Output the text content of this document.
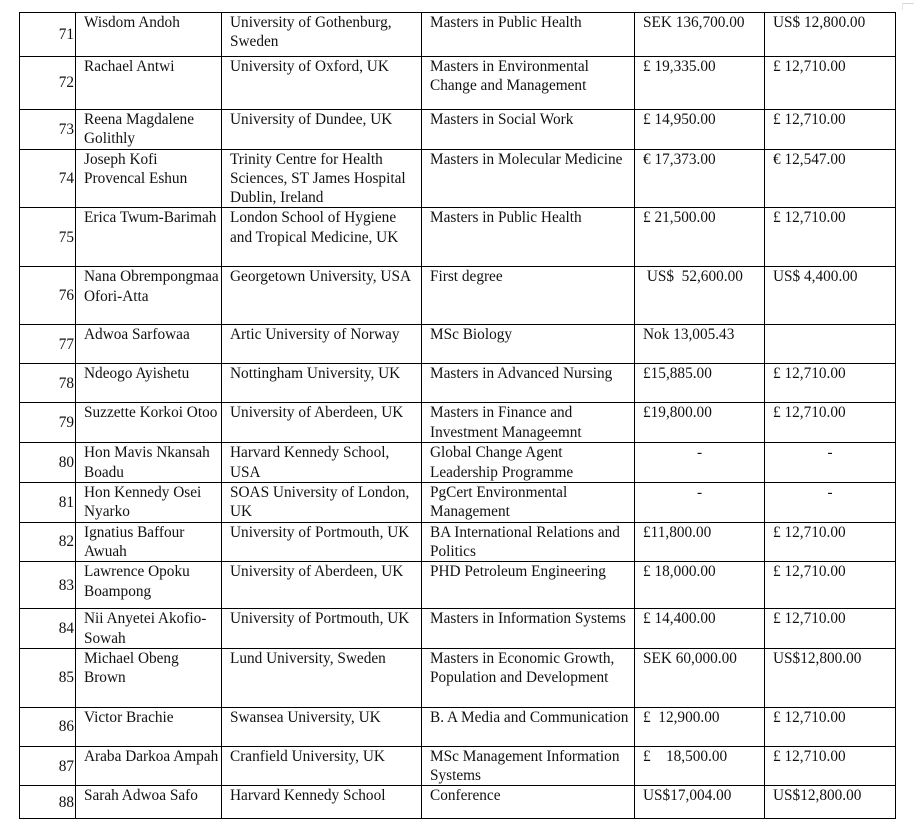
71	Wisdom Andoh	University of Gothenburg, Sweden	Masters in Public Health	SEK 136,700.00	US$ 12,800.00
72	Rachael Antwi	University of Oxford, UK	Masters in Environmental Change and Management	£ 19,335.00	£ 12,710.00
73	Reena Magdalene Golithly	University of Dundee, UK	Masters in Social Work	£ 14,950.00	£ 12,710.00
74	Joseph Kofi Provencal Eshun	Trinity Centre for Health Sciences, ST James Hospital Dublin, Ireland	Masters in Molecular Medicine	€ 17,373.00	€ 12,547.00
75	Erica Twum-Barimah	London School of Hygiene and Tropical Medicine, UK	Masters in Public Health	£ 21,500.00	£ 12,710.00
76	Nana Obrempongmaa Ofori-Atta	Georgetown University, USA	First degree	US$  52,600.00	US$ 4,400.00
77	Adwoa Sarfowaa	Artic University of Norway	MSc Biology	Nok 13,005.43	
78	Ndeogo Ayishetu	Nottingham University, UK	Masters in Advanced Nursing	£15,885.00	£ 12,710.00
79	Suzzette Korkoi Otoo	University of Aberdeen, UK	Masters in Finance and Investment Manageemnt	£19,800.00	£ 12,710.00
80	Hon Mavis Nkansah Boadu	Harvard Kennedy School, USA	Global Change Agent Leadership Programme	-	-
81	Hon Kennedy Osei Nyarko	SOAS University of London, UK	PgCert Environmental Management	-	-
82	Ignatius Baffour Awuah	University of Portmouth, UK	BA International Relations and Politics	£11,800.00	£ 12,710.00
83	Lawrence Opoku Boampong	University of Aberdeen, UK	PHD Petroleum Engineering	£ 18,000.00	£ 12,710.00
84	Nii Anyetei Akofio-Sowah	University of Portmouth, UK	Masters in Information Systems	£ 14,400.00	£ 12,710.00
85	Michael Obeng Brown	Lund University, Sweden	Masters in Economic Growth, Population and Development	SEK 60,000.00	US$12,800.00
86	Victor Brachie	Swansea University, UK	B. A Media and Communication	£  12,900.00	£ 12,710.00
87	Araba Darkoa Ampah	Cranfield University, UK	MSc Management Information Systems	£    18,500.00	£ 12,710.00
88	Sarah Adwoa Safo	Harvard Kennedy School	Conference	US$17,004.00	US$12,800.00
